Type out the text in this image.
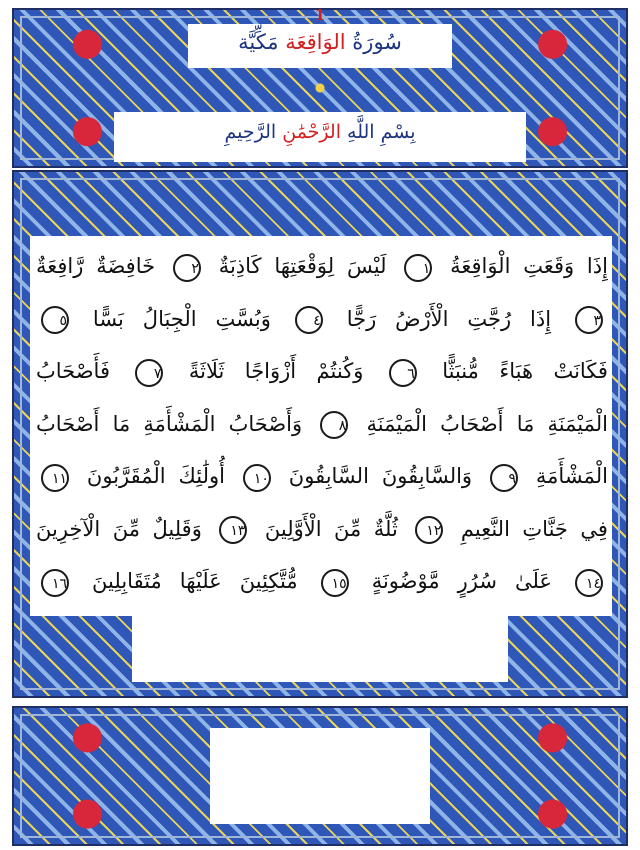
1
سُورَةُ الوَاقِعَة مَكِّيَّة
بِسْمِ اللَّهِ الرَّحْمَٰنِ الرَّحِيمِ
إِذَا وَقَعَتِ الْوَاقِعَةُ ١ لَيْسَ لِوَقْعَتِهَا كَاذِبَةٌ ٢ خَافِضَةٌ رَّافِعَةٌ
٣ إِذَا رُجَّتِ الْأَرْضُ رَجًّا ٤ وَبُسَّتِ الْجِبَالُ بَسًّا ٥
فَكَانَتْ هَبَاءً مُّنبَثًّا ٦ وَكُنتُمْ أَزْوَاجًا ثَلَاثَةً ٧ فَأَصْحَابُ
الْمَيْمَنَةِ مَا أَصْحَابُ الْمَيْمَنَةِ ٨ وَأَصْحَابُ الْمَشْأَمَةِ مَا أَصْحَابُ
الْمَشْأَمَةِ ٩ وَالسَّابِقُونَ السَّابِقُونَ ١٠ أُولَٰئِكَ الْمُقَرَّبُونَ ١١
فِي جَنَّاتِ النَّعِيمِ ١٢ ثُلَّةٌ مِّنَ الْأَوَّلِينَ ١٣ وَقَلِيلٌ مِّنَ الْآخِرِينَ
١٤ عَلَىٰ سُرُرٍ مَّوْضُونَةٍ ١٥ مُّتَّكِئِينَ عَلَيْهَا مُتَقَابِلِينَ ١٦
